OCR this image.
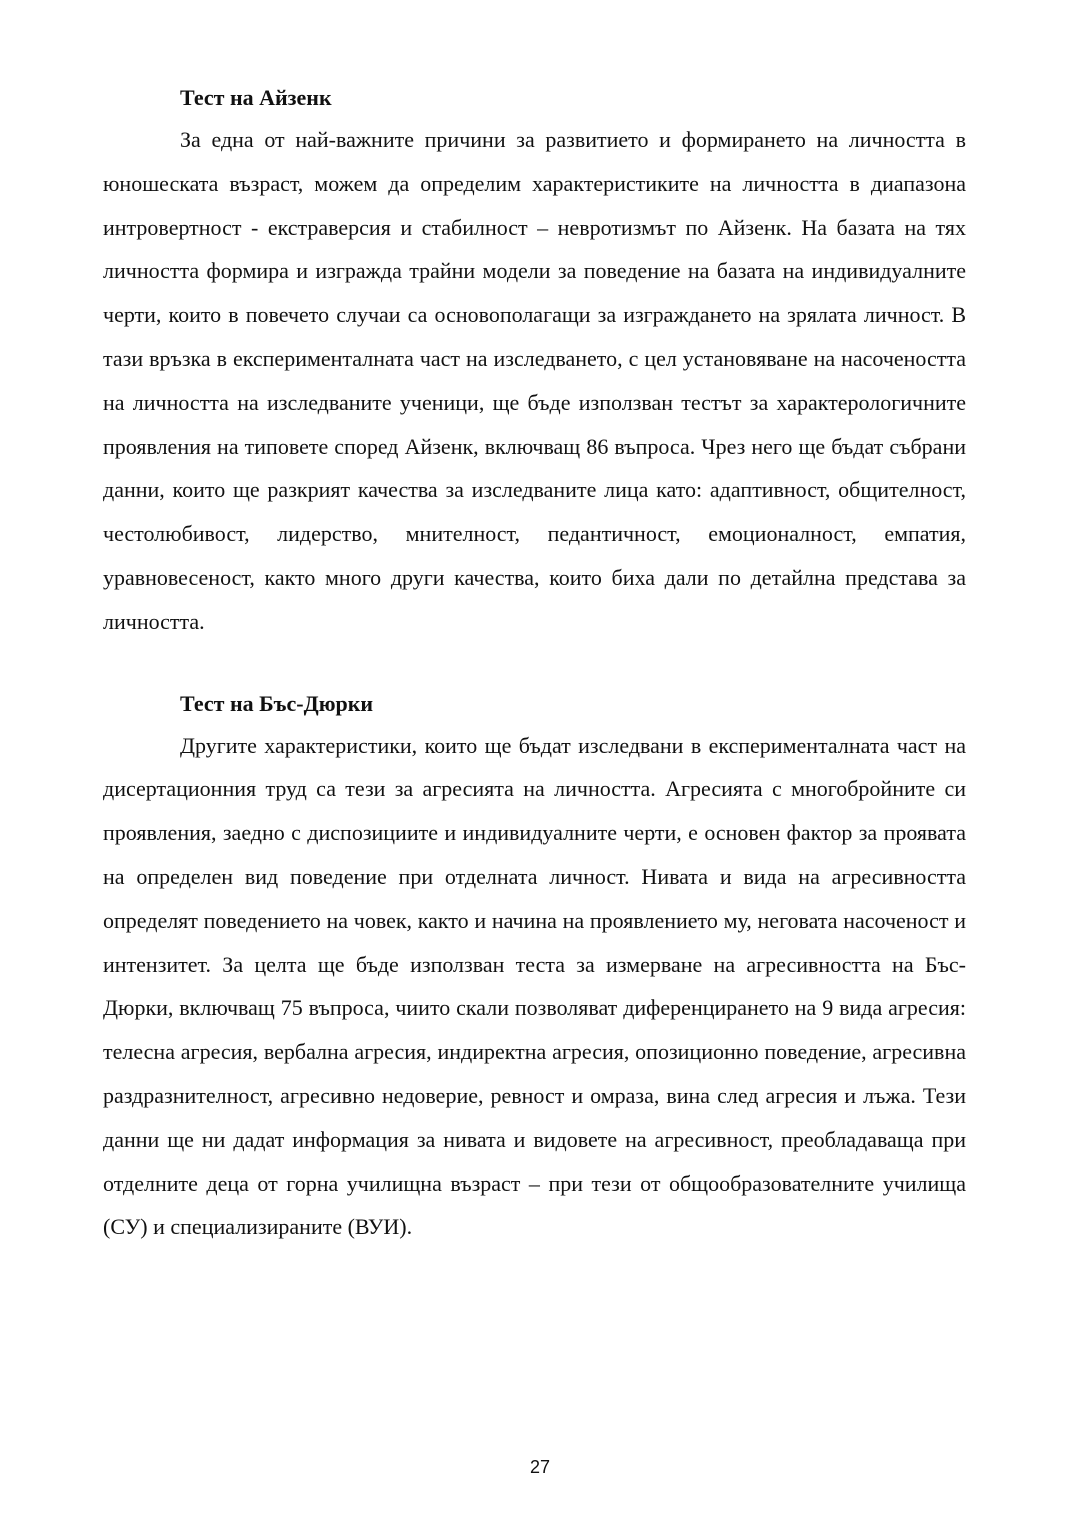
Тест на Айзенк

За една от най-важните причини за развитието и формирането на личността в юношеската възраст, можем да определим характеристиките на личността в диапазона интровертност - екстраверсия и стабилност – невротизмът по Айзенк. На базата на тях личността формира и изгражда трайни модели за поведение на базата на индивидуалните черти, които в повечето случаи са основополагащи за изграждането на зрялата личност. В тази връзка в експерименталната част на изследването, с цел установяване на насочеността на личността на изследваните ученици, ще бъде използван тестът за характерологичните проявления на типовете според Айзенк, включващ 86 въпроса. Чрез него ще бъдат събрани данни, които ще разкрият качества за изследваните лица като: адаптивност, общителност, честолюбивост, лидерство, мнителност, педантичност, емоционалност, емпатия, уравновесеност, както много други качества, които биха дали по детайлна представа за личността.

Тест на Бъс-Дюрки

Другите характеристики, които ще бъдат изследвани в експерименталната част на дисертационния труд са тези за агресията на личността. Агресията с многобройните си проявления, заедно с диспозициите и индивидуалните черти, е основен фактор за проявата на определен вид поведение при отделната личност. Нивата и вида на агресивността определят поведението на човек, както и начина на проявлението му, неговата насоченост и интензитет. За целта ще бъде използван теста за измерване на агресивността на Бъс-Дюрки, включващ 75 въпроса, чиито скали позволяват диференцирането на 9 вида агресия: телесна агресия, вербална агресия, индиректна агресия, опозиционно поведение, агресивна раздразнителност, агресивно недоверие, ревност и омраза, вина след агресия и лъжа. Тези данни ще ни дадат информация за нивата и видовете на агресивност, преобладаваща при отделните деца от горна училищна възраст – при тези от общообразователните училища (СУ) и специализираните (ВУИ).

27
